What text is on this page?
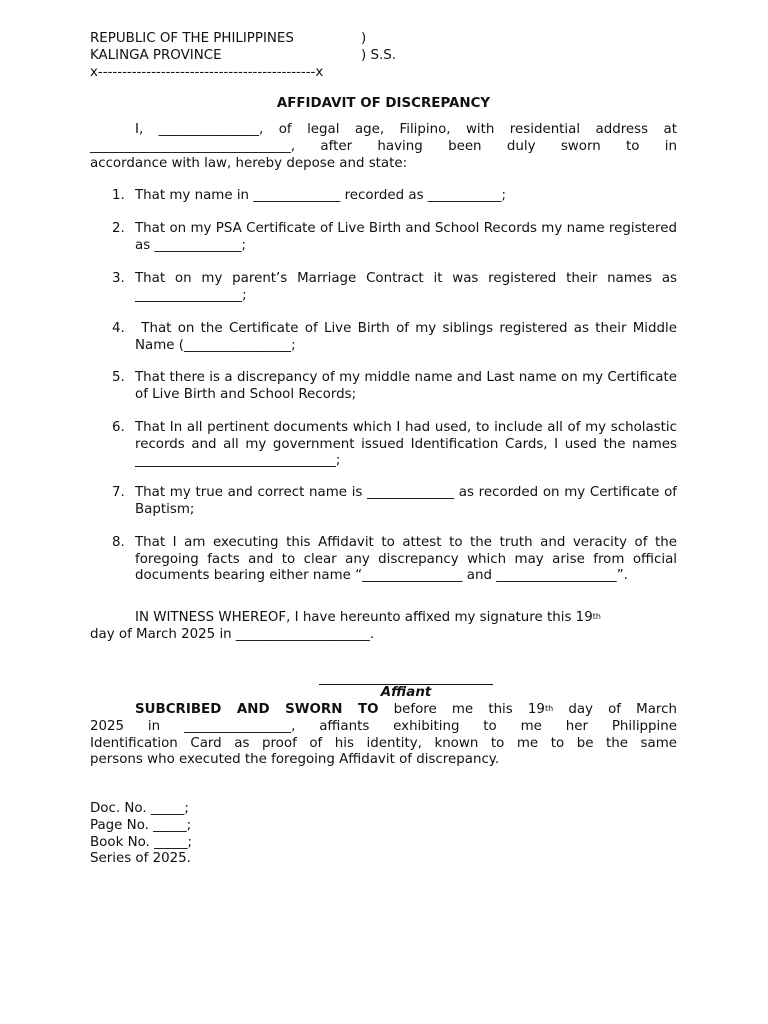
REPUBLIC OF THE PHILIPPINES	)
KALINGA PROVINCE	) S.S.
x---------------------------------------------x
AFFIDAVIT OF DISCREPANCY
I, _______________, of legal age, Filipino, with residential address at
______________________________, after having been duly sworn to in
accordance with law, hereby depose and state:
1. That my name in _____________ recorded as ___________;
2. That on my PSA Certificate of Live Birth and School Records my name registered as _____________;
3. That on my parent’s Marriage Contract it was registered their names as ________________;
4. That on the Certificate of Live Birth of my siblings registered as their Middle Name (________________;
5. That there is a discrepancy of my middle name and Last name on my Certificate of Live Birth and School Records;
6. That In all pertinent documents which I had used, to include all of my scholastic records and all my government issued Identification Cards, I used the names ______________________________;
7. That my true and correct name is _____________ as recorded on my Certificate of Baptism;
8. That I am executing this Affidavit to attest to the truth and veracity of the foregoing facts and to clear any discrepancy which may arise from official documents bearing either name “_______________ and __________________”.
IN WITNESS WHEREOF, I have hereunto affixed my signature this 19th
day of March 2025 in ____________________.
Affiant
SUBCRIBED AND SWORN TO before me this 19th day of March
2025 in ________________, affiants exhibiting to me her Philippine
Identification Card as proof of his identity, known to me to be the same
persons who executed the foregoing Affidavit of discrepancy.
Doc. No. _____;
Page No. _____;
Book No. _____;
Series of 2025.
